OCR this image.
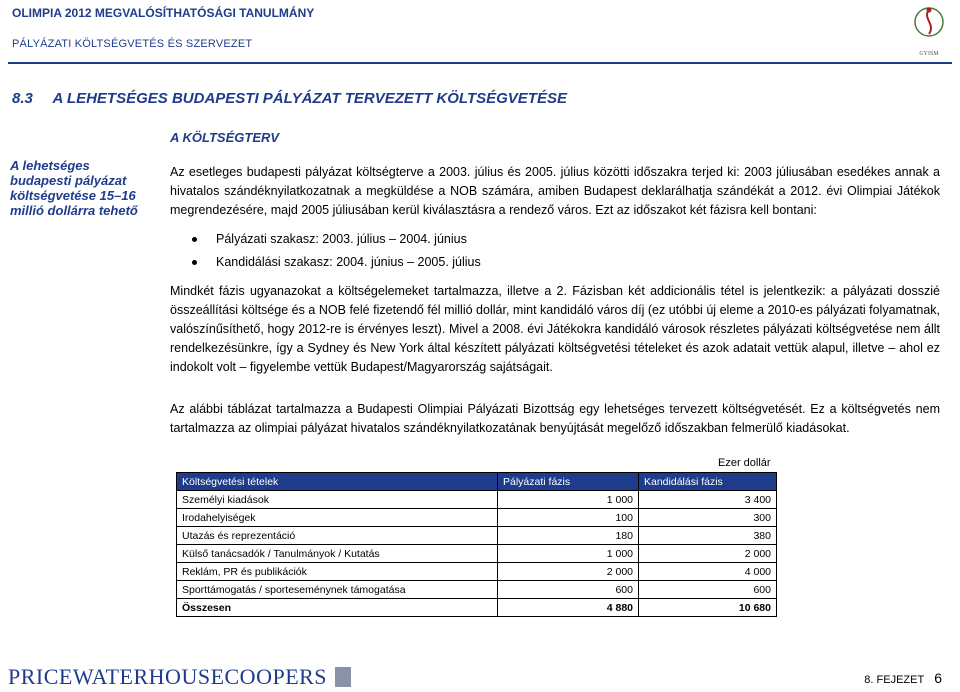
OLIMPIA 2012 MEGVALÓSÍTHATÓSÁGI TANULMÁNY
PÁLYÁZATI KÖLTSÉGVETÉS ÉS SZERVEZET
GYISM
8.3 A LEHETSÉGES BUDAPESTI PÁLYÁZAT TERVEZETT KÖLTSÉGVETÉSE
A KÖLTSÉGTERV
A lehetséges budapesti pályázat költségvetése 15–16 millió dollárra tehető

Az esetleges budapesti pályázat költségterve a 2003. július és 2005. július közötti időszakra terjed ki: 2003 júliusában esedékes annak a hivatalos szándéknyilatkozatnak a megküldése a NOB számára, amiben Budapest deklarálhatja szándékát a 2012. évi Olimpiai Játékok megrendezésére, majd 2005 júliusában kerül kiválasztásra a rendező város. Ezt az időszakot két fázisra kell bontani:

Pályázati szakasz: 2003. július – 2004. június
Kandidálási szakasz: 2004. június – 2005. július

Mindkét fázis ugyanazokat a költségelemeket tartalmazza, illetve a 2. Fázisban két addicionális tétel is jelentkezik: a pályázati dosszié összeállítási költsége és a NOB felé fizetendő fél millió dollár, mint kandidáló város díj (ez utóbbi új eleme a 2010-es pályázati folyamatnak, valószínűsíthető, hogy 2012-re is érvényes leszt). Mivel a 2008. évi Játékokra kandidáló városok részletes pályázati költségvetése nem állt rendelkezésünkre, így a Sydney és New York által készített pályázati költségvetési tételeket és azok adatait vettük alapul, illetve – ahol ez indokolt volt – figyelembe vettük Budapest/Magyarország sajátságait.

Az alábbi táblázat tartalmazza a Budapesti Olimpiai Pályázati Bizottság egy lehetséges tervezett költségvetését. Ez a költségvetés nem tartalmazza az olimpiai pályázat hivatalos szándéknyilatkozatának benyújtását megelőző időszakban felmerülő kiadásokat.
Ezer dollár
Költségvetési tételek	Pályázati fázis	Kandidálási fázis
Személyi kiadások	1 000	3 400
Irodahelyiségek	100	300
Utazás és reprezentáció	180	380
Külső tanácsadók / Tanulmányok / Kutatás	1 000	2 000
Reklám, PR és publikációk	2 000	4 000
Sporttámogatás / sporteseménynek támogatása	600	600
Összesen	4 880	10 680
PRICEWATERHOUSECOOPERS	8. FEJEZET 6
